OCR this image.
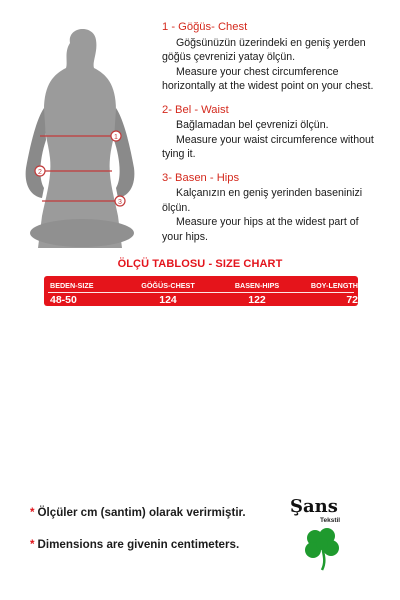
1
2
3
1 - Göğüs- Chest
Göğsünüzün üzerindeki en geniş yerden
göğüs çevrenizi yatay ölçün.
Measure your chest circumference
horizontally at the widest point on your chest.
2- Bel - Waist
Bağlamadan bel çevrenizi ölçün.
Measure your waist circumference without
tying it.
3- Basen - Hips
Kalçanızın en geniş yerinden baseninizi
ölçün.
Measure your hips at the widest part of
your hips.
ÖLÇÜ TABLOSU - SIZE CHART
BEDEN-SIZE	GÖĞÜS-CHEST	BASEN-HIPS	BOY-LENGTH
48-50	124	122	72
* Ölçüler cm (santim) olarak verirmiştir.
* Dimensions are givenin centimeters.
Şans
Tekstil
